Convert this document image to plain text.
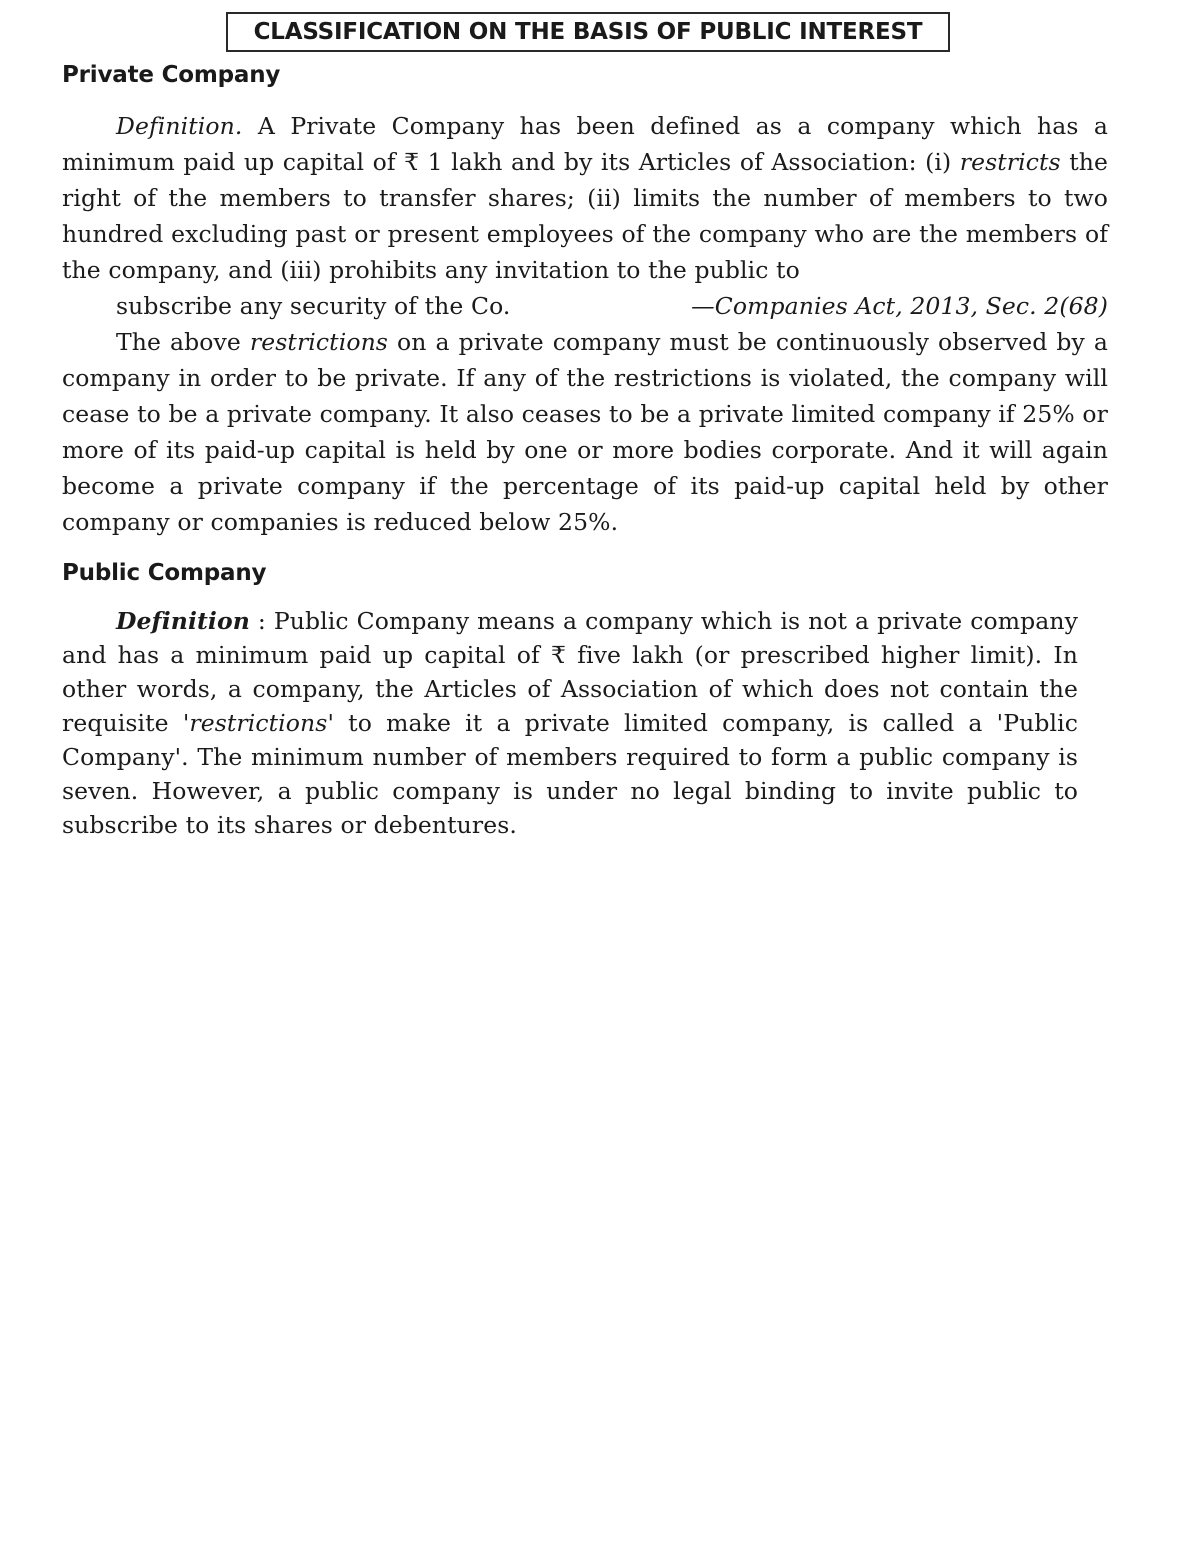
CLASSIFICATION ON THE BASIS OF PUBLIC INTEREST
Private Company

Definition. A Private Company has been defined as a company which has a minimum paid up capital of ₹ 1 lakh and by its Articles of Association: (i) restricts the right of the members to transfer shares; (ii) limits the number of members to two hundred excluding past or present employees of the company who are the members of the company, and (iii) prohibits any invitation to the public to

subscribe any security of the Co.	—Companies Act, 2013, Sec. 2(68)

The above restrictions on a private company must be continuously observed by a company in order to be private. If any of the restrictions is violated, the company will cease to be a private company. It also ceases to be a private limited company if 25% or more of its paid-up capital is held by one or more bodies corporate. And it will again become a private company if the percentage of its paid-up capital held by other company or companies is reduced below 25%.

Public Company

Definition : Public Company means a company which is not a private company and has a minimum paid up capital of ₹ five lakh (or prescribed higher limit). In other words, a company, the Articles of Association of which does not contain the requisite 'restrictions' to make it a private limited company, is called a 'Public Company'. The minimum number of members required to form a public company is seven. However, a public company is under no legal binding to invite public to subscribe to its shares or debentures.
